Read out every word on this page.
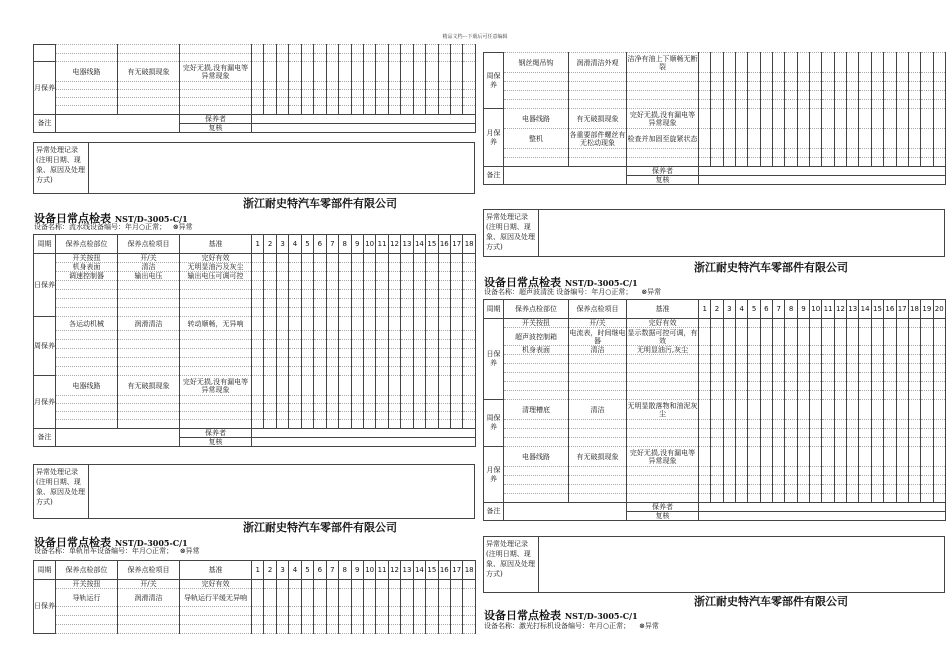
精品文档---下载后可任意编辑

月保养	电器线路	有无破损现象	完好无损,没有漏电等异常现象																		

备注			保养者																		
			复核																		
异常处理记录(注明日期、现象、原因及处理方式)
浙江耐史特汽车零部件有限公司
设备日常点检表 NST/D-3005-C/1
设备名称：流水线设备编号：年月○正常； ⊗异常
周期	保养点检部位	保养点检项目	基准	1	2	3	4	5	6	7	8	9	10	11	12	13	14	15	16	17	18
日保养	开关按扭	开/关	完好有效																		
	机身表面	清洁	无明显油污及灰尘																		
	调速控制器	输出电压	输出电压可调可控																		

周保养	各运动机械	润滑清洁	转动顺畅，无异响																		

月保养	电器线路	有无破损现象	完好无损,没有漏电等异常现象																		

备注			保养者																		
			复核																		
异常处理记录(注明日期、现象、原因及处理方式)
浙江耐史特汽车零部件有限公司
设备日常点检表 NST/D-3005-C/1
设备名称：单轨吊车设备编号：年月○正常； ⊗异常
周期	保养点检部位	保养点检项目	基准	1	2	3	4	5	6	7	8	9	10	11	12	13	14	15	16	17	18
日保养	开关按扭	开/关	完好有效																		
	导轨运行	润滑清洁	导轨运行平缓无异响																		

周保养	钢丝绳吊钩	润滑清洁外观	洁净有油上下顺畅无断裂																				

月保养	电器线路	有无破损现象	完好无损,没有漏电等异常现象																				
	整机	各重要部件螺丝有无松动现象	检查并加固至旋紧状态																				

备注			保养者																				
			复核																				
异常处理记录(注明日期、现象、原因及处理方式)
浙江耐史特汽车零部件有限公司
设备日常点检表 NST/D-3005-C/1
设备名称：超声波清洗 设备编号：年月○正常； ⊗异常
周期	保养点检部位	保养点检项目	基准	1	2	3	4	5	6	7	8	9	10	11	12	13	14	15	16	17	18	19	20
日保养	开关按扭	开/关	完好有效																				
	超声波控制箱	电流表，时间继电器	显示数据可控可调，有效																				
	机身表面	清洁	无明显油污,灰尘																				

周保养	清理槽底	清洁	无明显散落物和油泥灰尘																				

月保养	电器线路	有无破损现象	完好无损,没有漏电等异常现象																				

备注			保养者																				
			复核																				
异常处理记录(注明日期、现象、原因及处理方式)
浙江耐史特汽车零部件有限公司
设备日常点检表 NST/D-3005-C/1
设备名称：激光打标机设备编号：年月○正常； ⊗异常
